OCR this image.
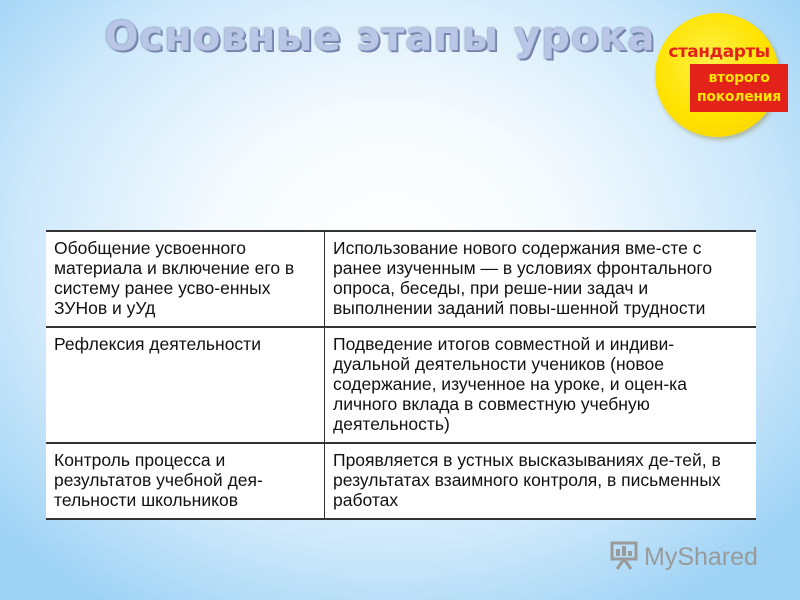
Основные этапы урока стандарты
второго
поколения
Обобщение усвоенного материала и включение его в систему ранее усво-енных ЗУНов и уУд	Использование нового содержания вме-сте с ранее изученным — в условиях фронтального опроса, беседы, при реше-нии задач и выполнении заданий повы-шенной трудности
Рефлексия деятельности	Подведение итогов совместной и индиви-дуальной деятельности учеников (новое содержание, изученное на уроке, и оцен-ка личного вклада в совместную учебную деятельность)
Контроль процесса и результатов учебной дея-тельности школьников	Проявляется в устных высказываниях де-тей, в результатах взаимного контроля, в письменных работах
MyShared
